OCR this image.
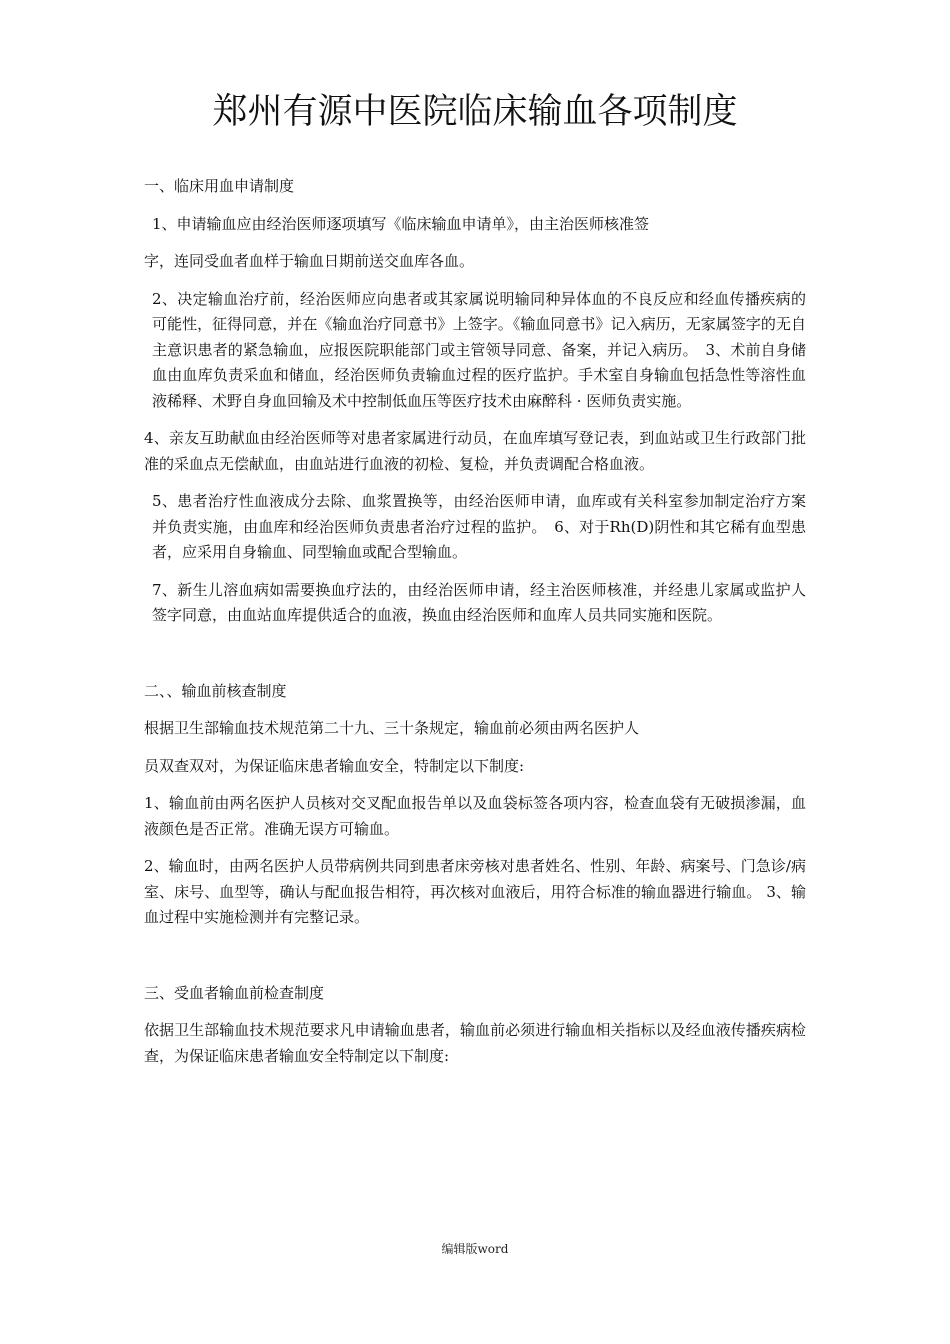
郑州有源中医院临床输血各项制度
一、临床用血申请制度
1、申请输血应由经治医师逐项填写《临床输血申请单》，由主治医师核准签
字，连同受血者血样于输血日期前送交血库各血。
2、决定输血治疗前，经治医师应向患者或其家属说明输同种异体血的不良反应和经血传播疾病的可能性，征得同意，并在《输血治疗同意书》上签字。《输血同意书》记入病历，无家属签字的无自主意识患者的紧急输血，应报医院职能部门或主管领导同意、备案，并记入病历。　3、术前自身储血由血库负责采血和储血，经治医师负责输血过程的医疗监护。手术室自身输血包括急性等溶性血液稀释、术野自身血回输及术中控制低血压等医疗技术由麻醉科 · 医师负责实施。
4、亲友互助献血由经治医师等对患者家属进行动员，在血库填写登记表，到血站或卫生行政部门批准的采血点无偿献血，由血站进行血液的初检、复检，并负责调配合格血液。
5、患者治疗性血液成分去除、血浆置换等，由经治医师申请，血库或有关科室参加制定治疗方案并负责实施，由血库和经治医师负责患者治疗过程的监护。　6、对于Rh(D)阴性和其它稀有血型患者，应采用自身输血、同型输血或配合型输血。
7、新生儿溶血病如需要换血疗法的，由经治医师申请，经主治医师核准，并经患儿家属或监护人签字同意，由血站血库提供适合的血液，换血由经治医师和血库人员共同实施和医院。
二、、输血前核查制度
根据卫生部输血技术规范第二十九、三十条规定，输血前必须由两名医护人
员双查双对，为保证临床患者输血安全，特制定以下制度:
1、输血前由两名医护人员核对交叉配血报告单以及血袋标签各项内容，检查血袋有无破损渗漏，血液颜色是否正常。准确无误方可输血。
2、输血时，由两名医护人员带病例共同到患者床旁核对患者姓名、性别、年龄、病案号、门急诊/病室、床号、血型等，确认与配血报告相符，再次核对血液后，用符合标准的输血器进行输血。 3、输血过程中实施检测并有完整记录。
三、受血者输血前检查制度
依据卫生部输血技术规范要求凡申请输血患者，输血前必须进行输血相关指标以及经血液传播疾病检查，为保证临床患者输血安全特制定以下制度:
编辑版word
